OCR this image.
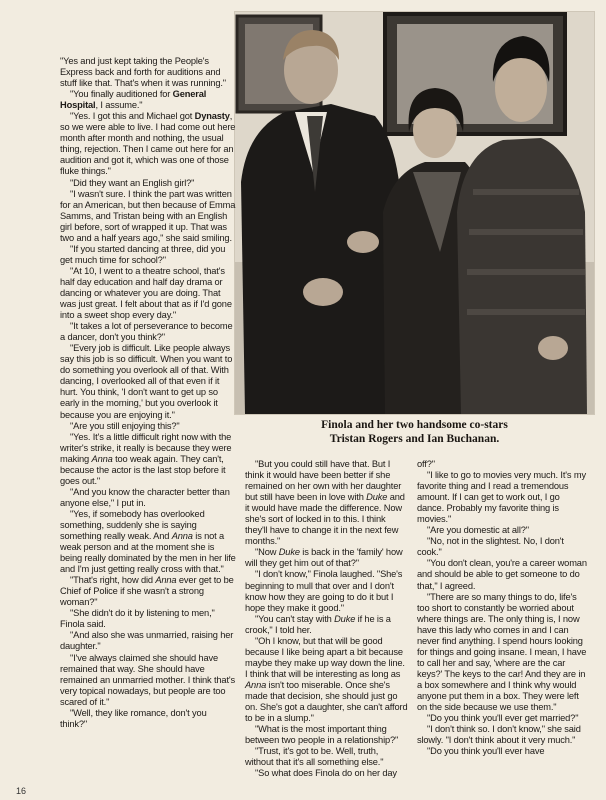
Finola and her two handsome co-stars
Tristan Rogers and Ian Buchanan.

"Yes and just kept taking the People's Express back and forth for auditions and stuff like that. That's when it was running."

"You finally auditioned for General Hospital, I assume."

"Yes. I got this and Michael got Dynasty, so we were able to live. I had come out here month after month and nothing, the usual thing, rejection. Then I came out here for an audition and got it, which was one of those fluke things."

"Did they want an English girl?"

"I wasn't sure. I think the part was written for an American, but then because of Emma Samms, and Tristan being with an English girl before, sort of wrapped it up. That was two and a half years ago," she said smiling.

"If you started dancing at three, did you get much time for school?"

"At 10, I went to a theatre school, that's half day education and half day drama or dancing or whatever you are doing. That was just great. I felt about that as if I'd gone into a sweet shop every day."

"It takes a lot of perseverance to become a dancer, don't you think?"

"Every job is difficult. Like people always say this job is so difficult. When you want to do something you overlook all of that. With dancing, I overlooked all of that even if it hurt. You think, 'I don't want to get up so early in the morning,' but you overlook it because you are enjoying it."

"Are you still enjoying this?"

"Yes. It's a little difficult right now with the writer's strike, it really is because they were making Anna too weak again. They can't, because the actor is the last stop before it goes out."

"And you know the character better than anyone else," I put in.

"Yes, if somebody has overlooked something, suddenly she is saying something really weak. And Anna is not a weak person and at the moment she is being really dominated by the men in her life and I'm just getting really cross with that."

"That's right, how did Anna ever get to be Chief of Police if she wasn't a strong woman?"

"She didn't do it by listening to men," Finola said.

"And also she was unmarried, raising her daughter."

"I've always claimed she should have remained that way. She should have remained an unmarried mother. I think that's very topical nowadays, but people are too scared of it."

"Well, they like romance, don't you think?"

"But you could still have that. But I think it would have been better if she remained on her own with her daughter but still have been in love with Duke and it would have made the difference. Now she's sort of locked in to this. I think they'll have to change it in the next few months."

"Now Duke is back in the 'family' how will they get him out of that?"

"I don't know," Finola laughed. "She's beginning to mull that over and I don't know how they are going to do it but I hope they make it good."

"You can't stay with Duke if he is a crook," I told her.

"Oh I know, but that will be good because I like being apart a bit because maybe they make up way down the line. I think that will be interesting as long as Anna isn't too miserable. Once she's made that decision, she should just go on. She's got a daughter, she can't afford to be in a slump."

"What is the most important thing between two people in a relationship?"

"Trust, it's got to be. Well, truth, without that it's all something else."

"So what does Finola do on her day

off?"

"I like to go to movies very much. It's my favorite thing and I read a tremendous amount. If I can get to work out, I go dance. Probably my favorite thing is movies."

"Are you domestic at all?"

"No, not in the slightest. No, I don't cook."

"You don't clean, you're a career woman and should be able to get someone to do that," I agreed.

"There are so many things to do, life's too short to constantly be worried about where things are. The only thing is, I now have this lady who comes in and I can never find anything. I spend hours looking for things and going insane. I mean, I have to call her and say, 'where are the car keys?' The keys to the car! And they are in a box somewhere and I think why would anyone put them in a box. They were left on the side because we use them."

"Do you think you'll ever get married?"

"I don't think so. I don't know," she said slowly. "I don't think about it very much."

"Do you think you'll ever have

16
